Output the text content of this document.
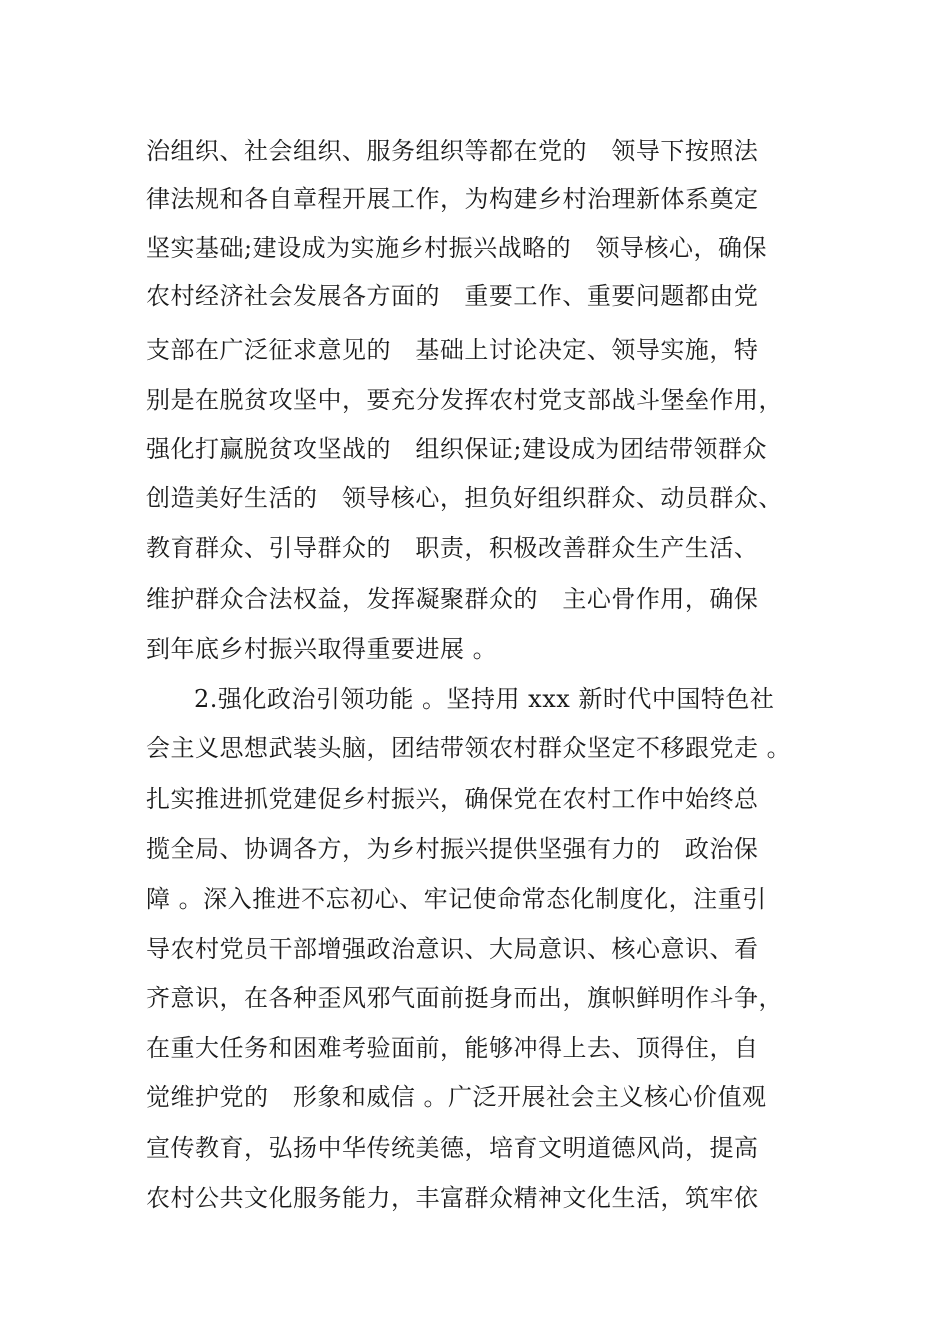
治组织、社会组织、服务组织等都在党的   领导下按照法
律法规和各自章程开展工作，为构建乡村治理新体系奠定
坚实基础;建设成为实施乡村振兴战略的   领导核心，确保
农村经济社会发展各方面的   重要工作、重要问题都由党
支部在广泛征求意见的   基础上讨论决定、领导实施，特
别是在脱贫攻坚中，要充分发挥农村党支部战斗堡垒作用，
强化打赢脱贫攻坚战的   组织保证;建设成为团结带领群众
创造美好生活的   领导核心，担负好组织群众、动员群众、
教育群众、引导群众的   职责，积极改善群众生产生活、
维护群众合法权益，发挥凝聚群众的   主心骨作用，确保
到年底乡村振兴取得重要进展 。
2.强化政治引领功能 。坚持用 xxx 新时代中国特色社
会主义思想武装头脑，团结带领农村群众坚定不移跟党走 。
扎实推进抓党建促乡村振兴，确保党在农村工作中始终总
揽全局、协调各方，为乡村振兴提供坚强有力的   政治保
障 。深入推进不忘初心、牢记使命常态化制度化，注重引
导农村党员干部增强政治意识、大局意识、核心意识、看
齐意识，在各种歪风邪气面前挺身而出，旗帜鲜明作斗争，
在重大任务和困难考验面前，能够冲得上去、顶得住，自
觉维护党的   形象和威信 。广泛开展社会主义核心价值观
宣传教育，弘扬中华传统美德，培育文明道德风尚，提高
农村公共文化服务能力，丰富群众精神文化生活，筑牢依
